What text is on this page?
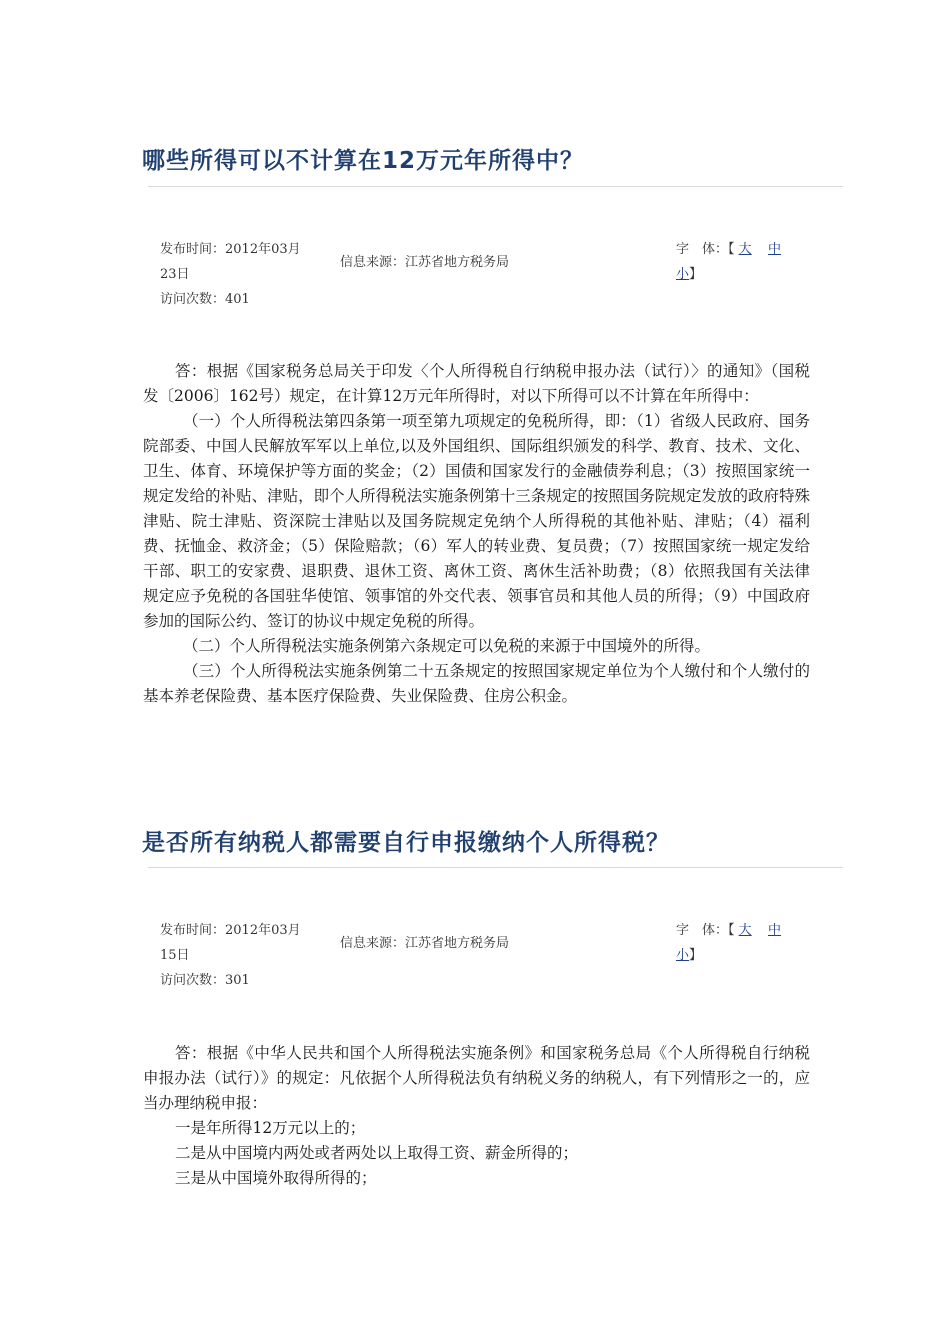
哪些所得可以不计算在12万元年所得中？
发布时间：2012年03月
23日
访问次数：401
信息来源：江苏省地方税务局
字　体：【 大 中
小】

答：根据《国家税务总局关于印发〈个人所得税自行纳税申报办法（试行）〉的通知》（国税发〔2006〕162号）规定，在计算12万元年所得时，对以下所得可以不计算在年所得中：

（一）个人所得税法第四条第一项至第九项规定的免税所得，即：（1）省级人民政府、国务院部委、中国人民解放军军以上单位,以及外国组织、国际组织颁发的科学、教育、技术、文化、卫生、体育、环境保护等方面的奖金；（2）国债和国家发行的金融债券利息；（3）按照国家统一规定发给的补贴、津贴，即个人所得税法实施条例第十三条规定的按照国务院规定发放的政府特殊津贴、院士津贴、资深院士津贴以及国务院规定免纳个人所得税的其他补贴、津贴；（4）福利费、抚恤金、救济金；（5）保险赔款；（6）军人的转业费、复员费；（7）按照国家统一规定发给干部、职工的安家费、退职费、退休工资、离休工资、离休生活补助费；（8）依照我国有关法律规定应予免税的各国驻华使馆、领事馆的外交代表、领事官员和其他人员的所得；（9）中国政府参加的国际公约、签订的协议中规定免税的所得。

（二）个人所得税法实施条例第六条规定可以免税的来源于中国境外的所得。

（三）个人所得税法实施条例第二十五条规定的按照国家规定单位为个人缴付和个人缴付的基本养老保险费、基本医疗保险费、失业保险费、住房公积金。

是否所有纳税人都需要自行申报缴纳个人所得税？
发布时间：2012年03月
15日
访问次数：301
信息来源：江苏省地方税务局
字　体：【 大 中
小】

答：根据《中华人民共和国个人所得税法实施条例》和国家税务总局《个人所得税自行纳税申报办法（试行）》的规定：凡依据个人所得税法负有纳税义务的纳税人，有下列情形之一的，应当办理纳税申报：

一是年所得12万元以上的；

二是从中国境内两处或者两处以上取得工资、薪金所得的；

三是从中国境外取得所得的；
